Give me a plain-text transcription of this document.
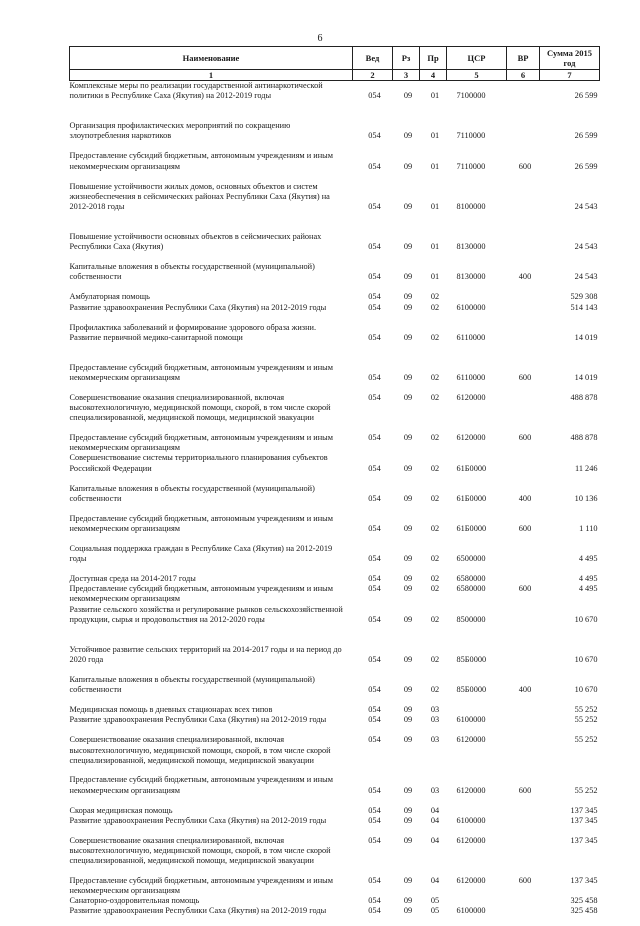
6
Наименование	Вед	Рз	Пр	ЦСР	ВР	Сумма 2015 год
1	2	3	4	5	6	7
Комплексные меры по реализации государственной антинаркотической политики в Республике Саха (Якутия) на 2012-2019 годы	054	09	01	7100000		26 599
Организация профилактических мероприятий по сокращению злоупотребления наркотиков	054	09	01	7110000		26 599
Предоставление субсидий бюджетным, автономным учреждениям и иным некоммерческим организациям	054	09	01	7110000	600	26 599
Повышение устойчивости жилых домов, основных объектов и систем жизнеобеспечения в сейсмических районах Республики Саха (Якутия) на 2012-2018 годы	054	09	01	8100000		24 543
Повышение устойчивости основных объектов в сейсмических районах Республики Саха (Якутия)	054	09	01	8130000		24 543
Капитальные вложения в объекты государственной (муниципальной) собственности	054	09	01	8130000	400	24 543
Амбулаторная помощь	054	09	02			529 308
Развитие здравоохранения Республики Саха (Якутия) на 2012-2019 годы	054	09	02	6100000		514 143
Профилактика заболеваний и формирование здорового образа жизни. Развитие первичной медико-санитарной помощи	054	09	02	6110000		14 019

Предоставление субсидий бюджетным, автономным учреждениям и иным некоммерческим организациям	054	09	02	6110000	600	14 019
Совершенствование оказания специализированной, включая высокотехнологичную, медицинской помощи, скорой, в том числе скорой специализированной, медицинской помощи, медицинской эвакуации	054	09	02	6120000		488 878
Предоставление субсидий бюджетным, автономным учреждениям и иным некоммерческим организациям	054	09	02	6120000	600	488 878
Совершенствование системы территориального планирования субъектов Российской Федерации	054	09	02	61Б0000		11 246
Капитальные вложения в объекты государственной (муниципальной) собственности	054	09	02	61Б0000	400	10 136
Предоставление субсидий бюджетным, автономным учреждениям и иным некоммерческим организациям	054	09	02	61Б0000	600	1 110
Социальная поддержка граждан в Республике Саха (Якутия) на 2012-2019 годы	054	09	02	6500000		4 495
Доступная среда на 2014-2017 годы	054	09	02	6580000		4 495
Предоставление субсидий бюджетным, автономным учреждениям и иным некоммерческим организациям	054	09	02	6580000	600	4 495
Развитие сельского хозяйства и регулирование рынков сельскохозяйственной продукции, сырья и продовольствия на 2012-2020 годы	054	09	02	8500000		10 670
Устойчивое развитие сельских территорий на 2014-2017 годы и на период до 2020 года	054	09	02	85Б0000		10 670
Капитальные вложения в объекты государственной (муниципальной) собственности	054	09	02	85Б0000	400	10 670
Медицинская помощь в дневных стационарах всех типов	054	09	03			55 252
Развитие здравоохранения Республики Саха (Якутия) на 2012-2019 годы	054	09	03	6100000		55 252
Совершенствование оказания специализированной, включая высокотехнологичную, медицинской помощи, скорой, в том числе скорой специализированной, медицинской помощи, медицинской эвакуации	054	09	03	6120000		55 252
Предоставление субсидий бюджетным, автономным учреждениям и иным некоммерческим организациям	054	09	03	6120000	600	55 252
Скорая медицинская помощь	054	09	04			137 345
Развитие здравоохранения Республики Саха (Якутия) на 2012-2019 годы	054	09	04	6100000		137 345
Совершенствование оказания специализированной, включая высокотехнологичную, медицинской помощи, скорой, в том числе скорой специализированной, медицинской помощи, медицинской эвакуации	054	09	04	6120000		137 345
Предоставление субсидий бюджетным, автономным учреждениям и иным некоммерческим организациям	054	09	04	6120000	600	137 345
Санаторно-оздоровительная помощь	054	09	05			325 458
Развитие здравоохранения Республики Саха (Якутия) на 2012-2019 годы	054	09	05	6100000		325 458
